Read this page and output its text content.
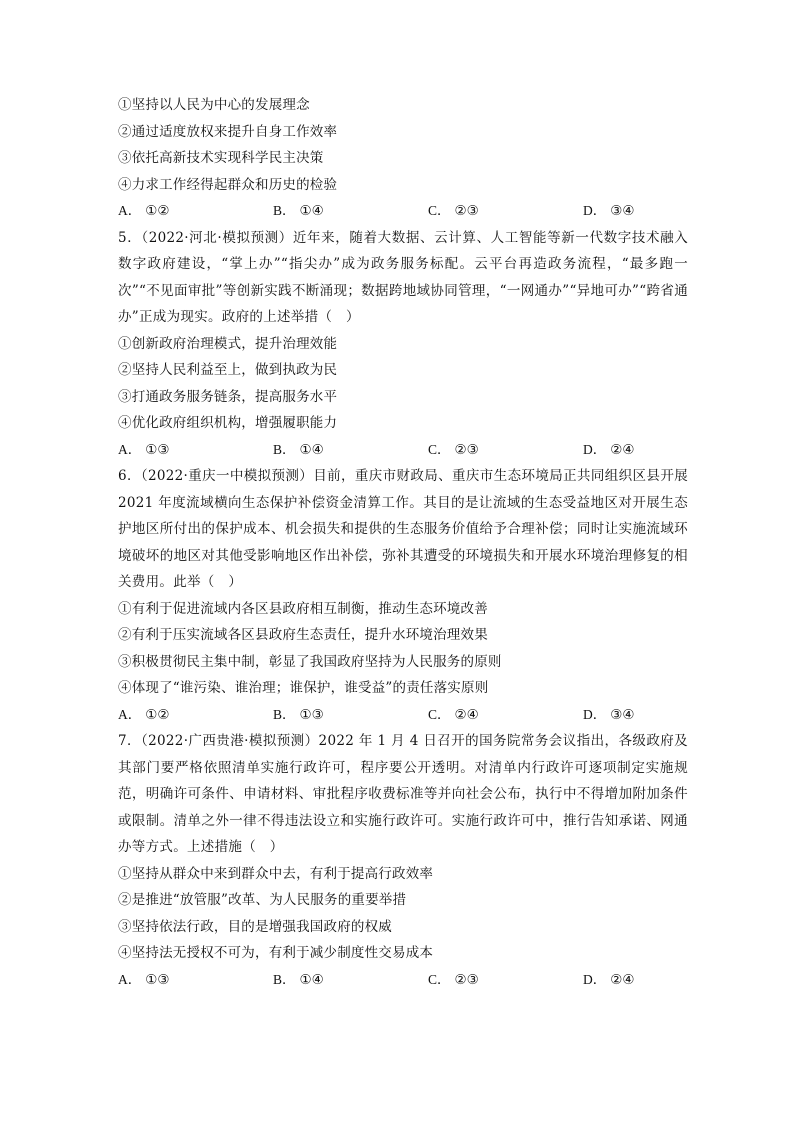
①坚持以人民为中心的发展理念
②通过适度放权来提升自身工作效率
③依托高新技术实现科学民主决策
④力求工作经得起群众和历史的检验
A． ①②	B． ①④	C． ②③	D． ③④
5．（2022·河北·模拟预测）近年来，随着大数据、云计算、人工智能等新一代数字技术融入数字政府建设，“掌上办”“指尖办”成为政务服务标配。云平台再造政务流程，“最多跑一次”“不见面审批”等创新实践不断涌现；数据跨地域协同管理，“一网通办”“异地可办”“跨省通办”正成为现实。政府的上述举措（　）
①创新政府治理模式，提升治理效能
②坚持人民利益至上，做到执政为民
③打通政务服务链条，提高服务水平
④优化政府组织机构，增强履职能力
A． ①③	B． ①④	C． ②③	D． ②④
6．（2022·重庆一中模拟预测）目前，重庆市财政局、重庆市生态环境局正共同组织区县开展 2021 年度流域横向生态保护补偿资金清算工作。其目的是让流域的生态受益地区对开展生态护地区所付出的保护成本、机会损失和提供的生态服务价值给予合理补偿；同时让实施流域环境破坏的地区对其他受影响地区作出补偿，弥补其遭受的环境损失和开展水环境治理修复的相关费用。此举（　）
①有利于促进流域内各区县政府相互制衡，推动生态环境改善
②有利于压实流域各区县政府生态责任，提升水环境治理效果
③积极贯彻民主集中制，彰显了我国政府坚持为人民服务的原则
④体现了“谁污染、谁治理；谁保护，谁受益”的责任落实原则
A． ①②	B． ①③	C． ②④	D． ③④
7．（2022·广西贵港·模拟预测）2022 年 1 月 4 日召开的国务院常务会议指出，各级政府及其部门要严格依照清单实施行政许可，程序要公开透明。对清单内行政许可逐项制定实施规范，明确许可条件、申请材料、审批程序收费标准等并向社会公布，执行中不得增加附加条件或限制。清单之外一律不得违法设立和实施行政许可。实施行政许可中，推行告知承诺、网通办等方式。上述措施（　）
①坚持从群众中来到群众中去，有利于提高行政效率
②是推进“放管服”改革、为人民服务的重要举措
③坚持依法行政，目的是增强我国政府的权威
④坚持法无授权不可为，有利于减少制度性交易成本
A． ①③	B． ①④	C． ②③	D． ②④
